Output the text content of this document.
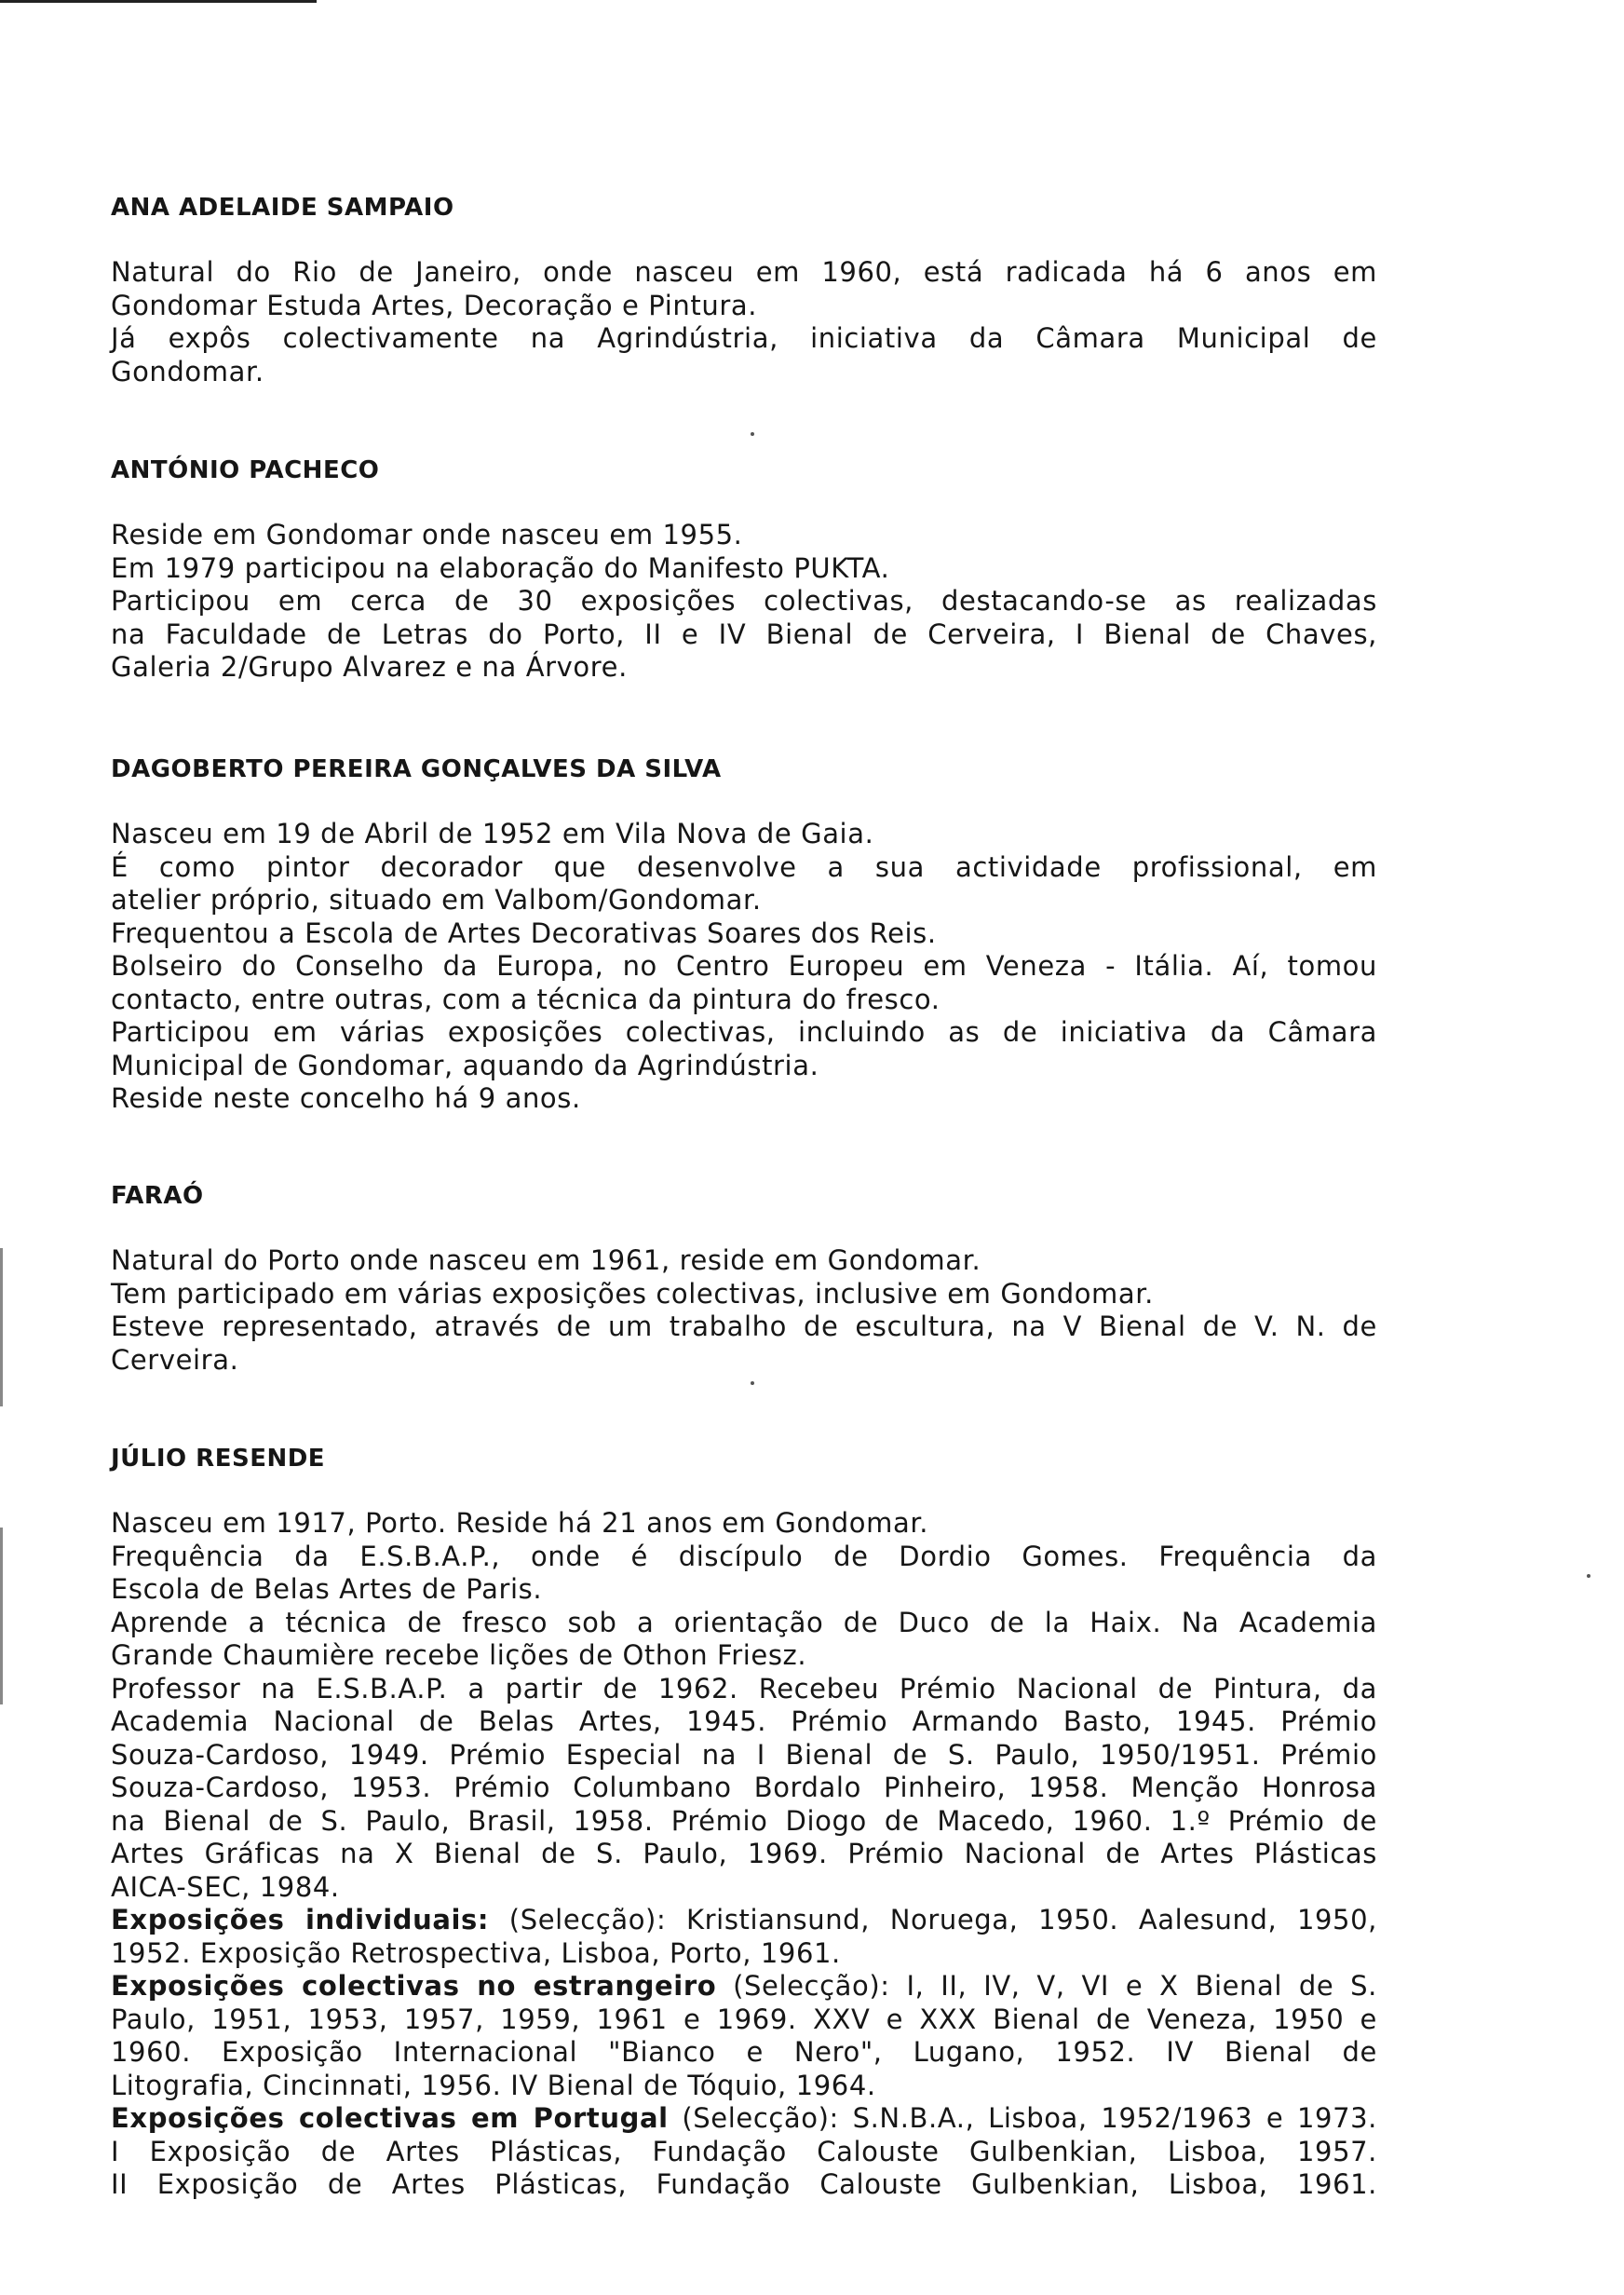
ANA ADELAIDE SAMPAIO

Natural do Rio de Janeiro, onde nasceu em 1960, está radicada há 6 anos em
Gondomar Estuda Artes, Decoração e Pintura.
Já expôs colectivamente na Agrindústria, iniciativa da Câmara Municipal de
Gondomar.

ANTÓNIO PACHECO

Reside em Gondomar onde nasceu em 1955.
Em 1979 participou na elaboração do Manifesto PUKTA.
Participou em cerca de 30 exposições colectivas, destacando-se as realizadas
na Faculdade de Letras do Porto, II e IV Bienal de Cerveira, I Bienal de Chaves,
Galeria 2/Grupo Alvarez e na Árvore.

DAGOBERTO PEREIRA GONÇALVES DA SILVA

Nasceu em 19 de Abril de 1952 em Vila Nova de Gaia.
É como pintor decorador que desenvolve a sua actividade profissional, em
atelier próprio, situado em Valbom/Gondomar.
Frequentou a Escola de Artes Decorativas Soares dos Reis.
Bolseiro do Conselho da Europa, no Centro Europeu em Veneza - Itália. Aí, tomou
contacto, entre outras, com a técnica da pintura do fresco.
Participou em várias exposições colectivas, incluindo as de iniciativa da Câmara
Municipal de Gondomar, aquando da Agrindústria.
Reside neste concelho há 9 anos.

FARAÓ

Natural do Porto onde nasceu em 1961, reside em Gondomar.
Tem participado em várias exposições colectivas, inclusive em Gondomar.
Esteve representado, através de um trabalho de escultura, na V Bienal de V. N. de
Cerveira.

JÚLIO RESENDE

Nasceu em 1917, Porto. Reside há 21 anos em Gondomar.
Frequência da E.S.B.A.P., onde é discípulo de Dordio Gomes. Frequência da
Escola de Belas Artes de Paris.
Aprende a técnica de fresco sob a orientação de Duco de la Haix. Na Academia
Grande Chaumière recebe lições de Othon Friesz.
Professor na E.S.B.A.P. a partir de 1962. Recebeu Prémio Nacional de Pintura, da
Academia Nacional de Belas Artes, 1945. Prémio Armando Basto, 1945. Prémio
Souza-Cardoso, 1949. Prémio Especial na I Bienal de S. Paulo, 1950/1951. Prémio
Souza-Cardoso, 1953. Prémio Columbano Bordalo Pinheiro, 1958. Menção Honrosa
na Bienal de S. Paulo, Brasil, 1958. Prémio Diogo de Macedo, 1960. 1.º Prémio de
Artes Gráficas na X Bienal de S. Paulo, 1969. Prémio Nacional de Artes Plásticas
AICA-SEC, 1984.
Exposições individuais: (Selecção): Kristiansund, Noruega, 1950. Aalesund, 1950,
1952. Exposição Retrospectiva, Lisboa, Porto, 1961.
Exposições colectivas no estrangeiro (Selecção): I, II, IV, V, VI e X Bienal de S.
Paulo, 1951, 1953, 1957, 1959, 1961 e 1969. XXV e XXX Bienal de Veneza, 1950 e
1960. Exposição Internacional "Bianco e Nero", Lugano, 1952. IV Bienal de
Litografia, Cincinnati, 1956. IV Bienal de Tóquio, 1964.
Exposições colectivas em Portugal (Selecção): S.N.B.A., Lisboa, 1952/1963 e 1973.
I Exposição de Artes Plásticas, Fundação Calouste Gulbenkian, Lisboa, 1957.
II Exposição de Artes Plásticas, Fundação Calouste Gulbenkian, Lisboa, 1961.
